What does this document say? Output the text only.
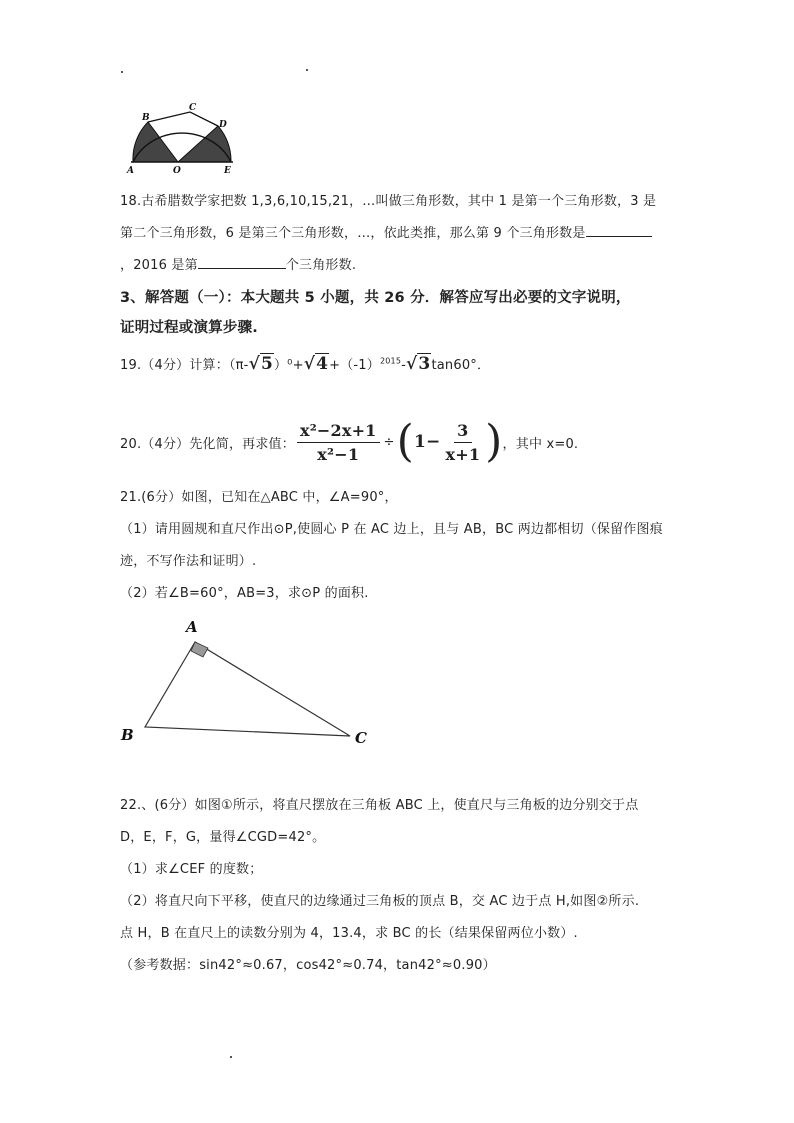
A
B
C
D
O	E
18.古希腊数学家把数 1,3,6,10,15,21，…叫做三角形数，其中 1 是第一个三角形数，3 是
第二个三角形数，6 是第三个三角形数，…，依此类推，那么第 9 个三角形数是
，2016 是第	个三角形数.
3、解答题（一）：本大题共 5 小题，共 26 分．解答应写出必要的文字说明，
证明过程或演算步骤.
19.（4分）计算：$(\pi-√5)^0+√4+(-1)^{2015}-√3\tan 60^\circ$．
20.（4分）先化简，再求值： $\frac{\text{x²−2x+1}}{\text{x²−1}}$ ÷ ( $1- \frac{3}{x+1}$ ) ，其中 x=0.
21.(6分）如图，已知在△ABC 中，∠A=90°，
（1）请用圆规和直尺作出⊙P,使圆心 P 在 AC 边上，且与 AB，BC 两边都相切（保留作图痕
迹，不写作法和证明）.
（2）若∠B=60°，AB=3，求⊙P 的面积.
A
B	C
22.、(6分）如图①所示，将直尺摆放在三角板 ABC 上，使直尺与三角板的边分别交于点
D，E，F，G，量得∠CGD=42°。
（1）求∠CEF 的度数；
（2）将直尺向下平移，使直尺的边缘通过三角板的顶点 B，交 AC 边于点 H,如图②所示.
点 H，B 在直尺上的读数分别为 4，13.4，求 BC 的长（结果保留两位小数）.
（参考数据：sin42°≈0.67，cos42°≈0.74，tan42°≈0.90）
